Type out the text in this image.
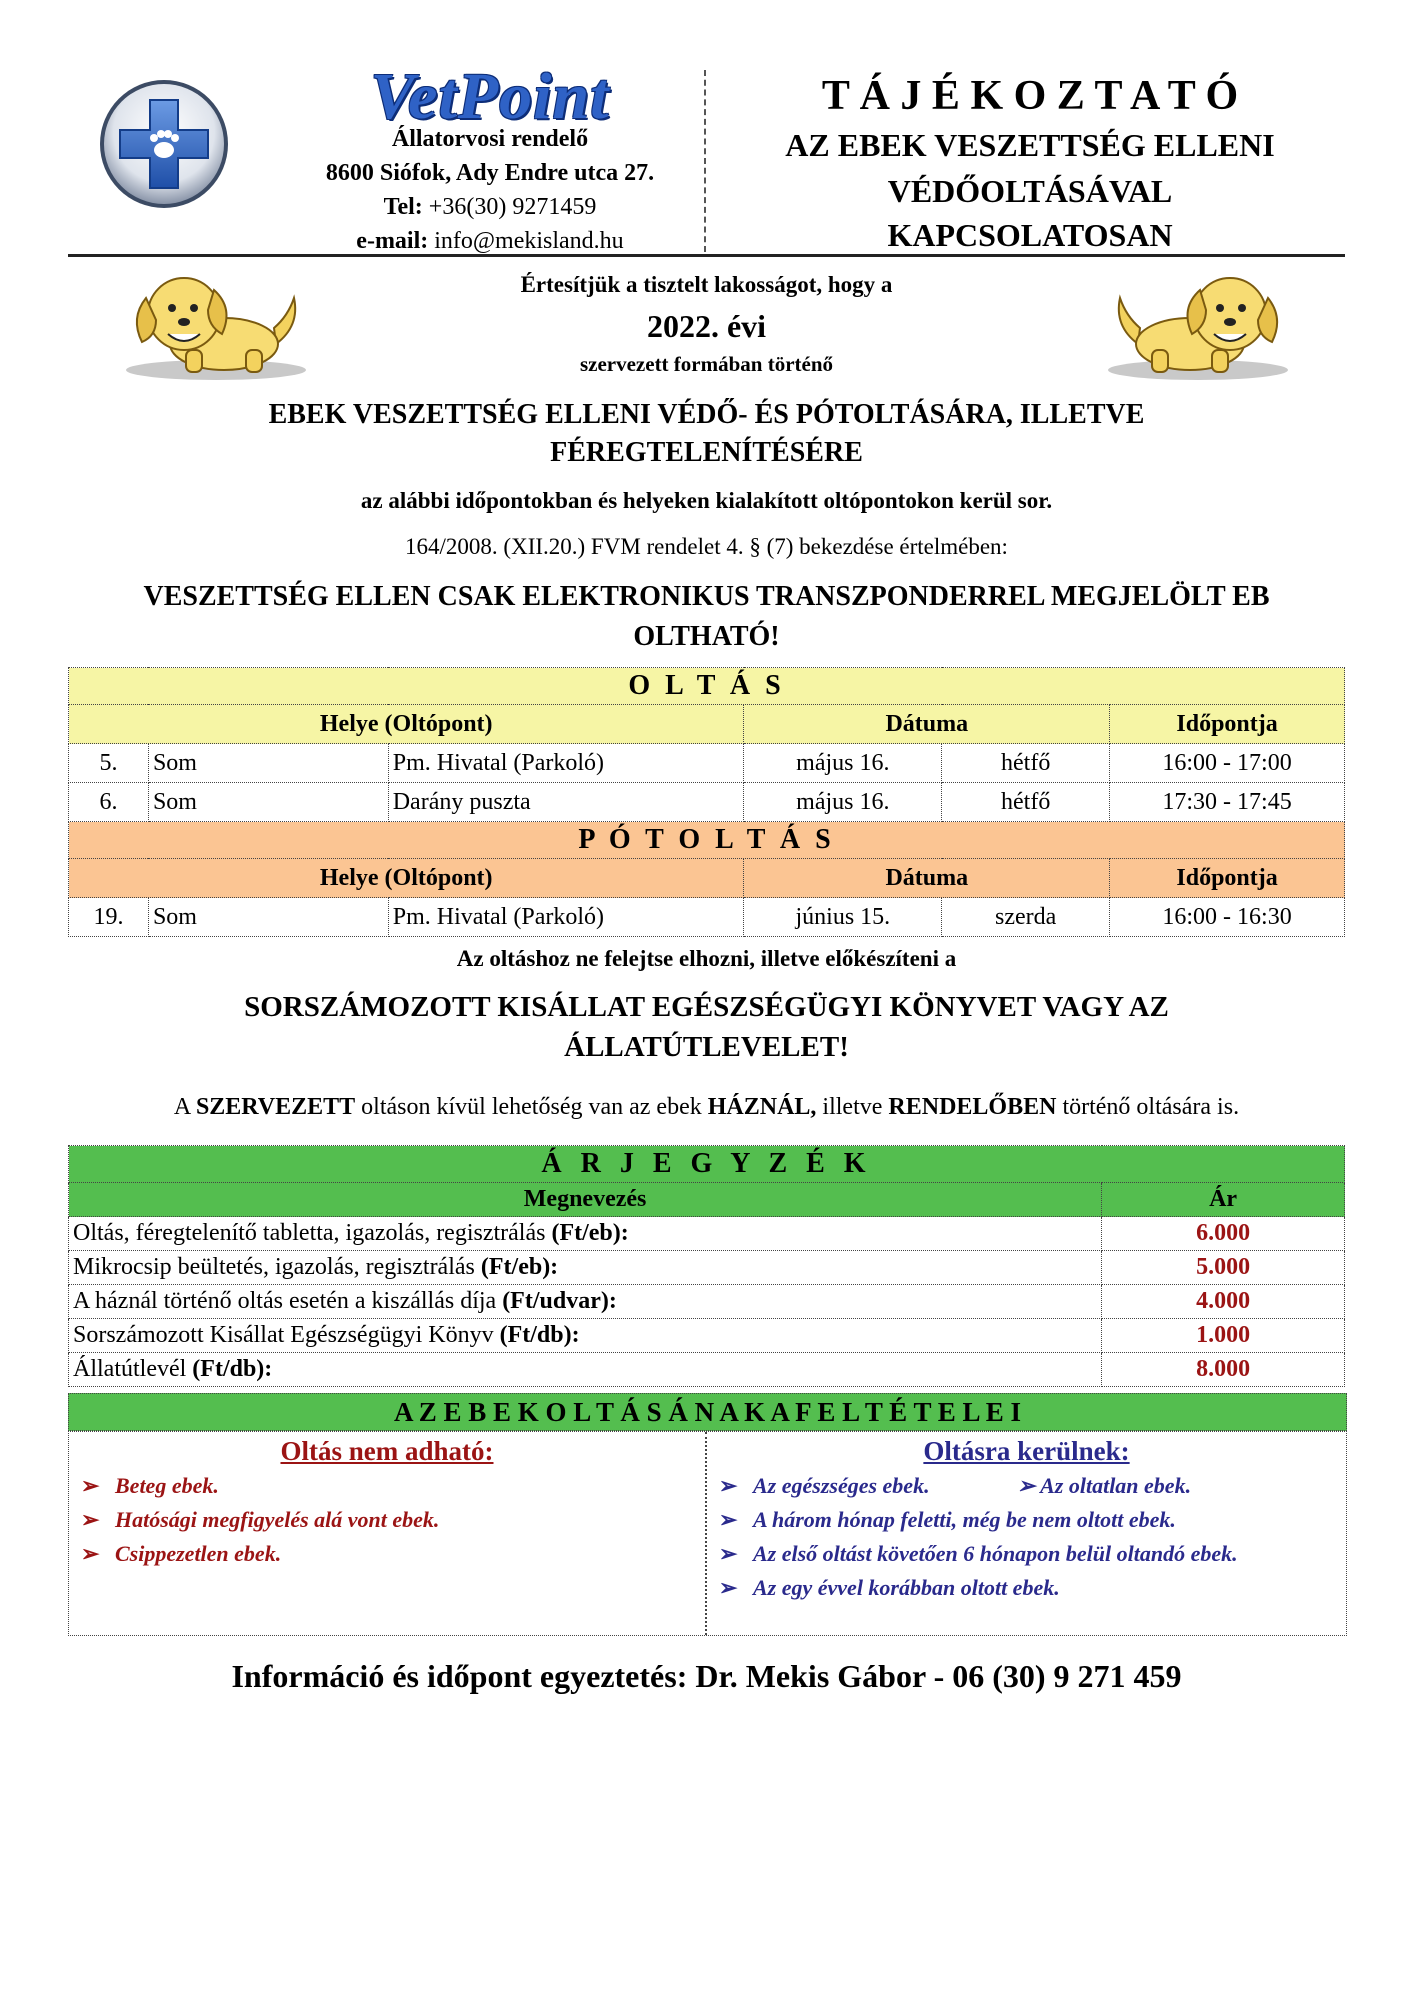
VetPoint
Állatorvosi rendelő
8600 Siófok, Ady Endre utca 27.
Tel: +36(30) 9271459
e-mail: info@mekisland.hu
T Á J É K O Z T A T Ó
AZ EBEK VESZETTSÉG ELLENI
VÉDŐOLTÁSÁVAL
KAPCSOLATOSAN
Értesítjük a tisztelt lakosságot, hogy a
2022. évi
szervezett formában történő
EBEK VESZETTSÉG ELLENI VÉDŐ- ÉS PÓTOLTÁSÁRA, ILLETVE
FÉREGTELENÍTÉSÉRE
az alábbi időpontokban és helyeken kialakított oltópontokon kerül sor.
164/2008. (XII.20.) FVM rendelet 4. § (7) bekezdése értelmében:
VESZETTSÉG ELLEN CSAK ELEKTRONIKUS TRANSZPONDERREL MEGJELÖLT EB
OLTHATÓ!
O L T Á S					
Helye (Oltópont)			Dátuma		Időpontja
5.	Som	Pm. Hivatal (Parkoló)	május 16.	hétfő	16:00 - 17:00
6.	Som	Darány puszta	május 16.	hétfő	17:30 - 17:45
P Ó T O L T Á S					
Helye (Oltópont)			Dátuma		Időpontja
19.	Som	Pm. Hivatal (Parkoló)	június 15.	szerda	16:00 - 16:30
Az oltáshoz ne felejtse elhozni, illetve előkészíteni a
SORSZÁMOZOTT KISÁLLAT EGÉSZSÉGÜGYI KÖNYVET VAGY AZ
ÁLLATÚTLEVELET!
A SZERVEZETT oltáson kívül lehetőség van az ebek HÁZNÁL, illetve RENDELŐBEN történő oltására is.
Á R J E G Y Z É K	
Megnevezés	Ár
Oltás, féregtelenítő tabletta, igazolás, regisztrálás (Ft/eb):	6.000
Mikrocsip beültetés, igazolás, regisztrálás (Ft/eb):	5.000
A háznál történő oltás esetén a kiszállás díja (Ft/udvar):	4.000
Sorszámozott Kisállat Egészségügyi Könyv (Ft/db):	1.000
Állatútlevél (Ft/db):	8.000
A Z E B E K O L T Á S Á N A K A F E L T É T E L E I
Oltás nem adható:
➢ Beteg ebek.
➢ Hatósági megfigyelés alá vont ebek.
➢ Csippezetlen ebek.
Oltásra kerülnek:
➢ Az egészséges ebek.	➢ Az oltatlan ebek.
➢ A három hónap feletti, még be nem oltott ebek.
➢ Az első oltást követően 6 hónapon belül oltandó ebek.
➢ Az egy évvel korábban oltott ebek.
Információ és időpont egyeztetés: Dr. Mekis Gábor - 06 (30) 9 271 459
